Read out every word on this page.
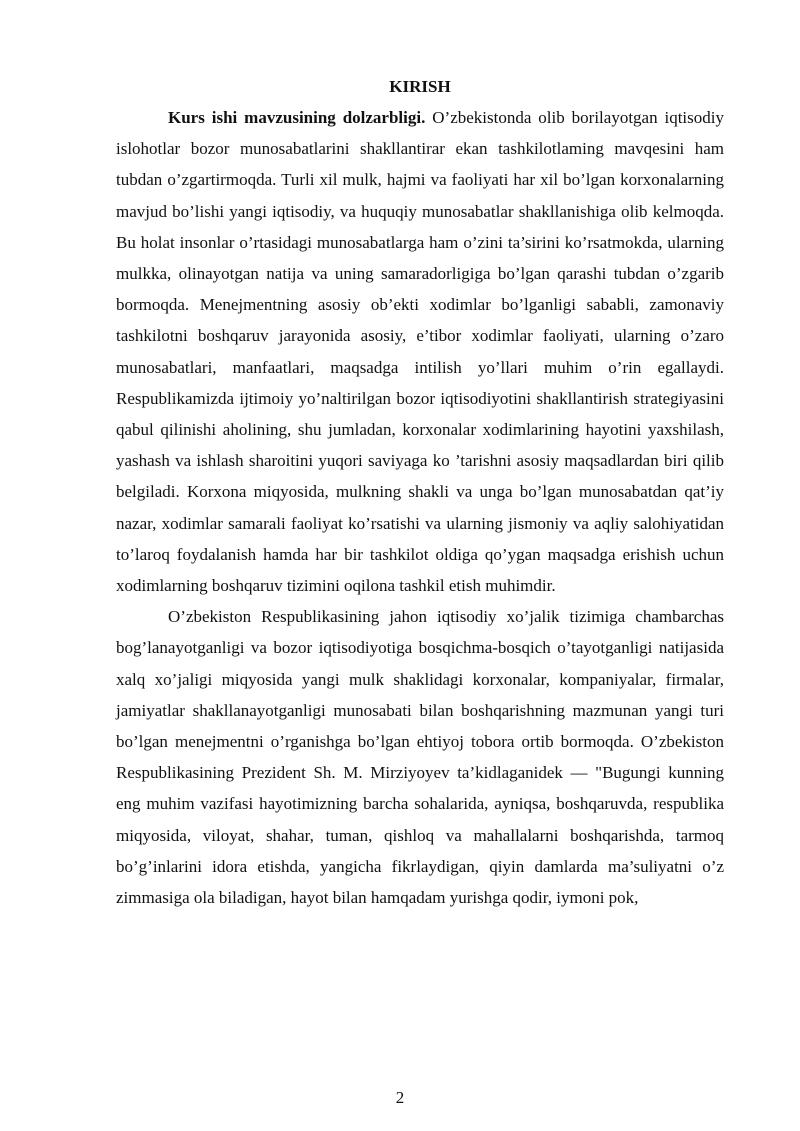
KIRISH

Kurs ishi mavzusining dolzarbligi. O’zbekistonda olib borilayotgan iqtisodiy islohotlar bozor munosabatlarini shakllantirar ekan tashkilotlaming mavqesini ham tubdan o’zgartirmoqda. Turli xil mulk, hajmi va faoliyati har xil bo’lgan korxonalarning mavjud bo’lishi yangi iqtisodiy, va huquqiy munosabatlar shakllanishiga olib kelmoqda. Bu holat insonlar o’rtasidagi munosabatlarga ham o’zini ta’sirini ko’rsatmokda, ularning mulkka, olinayotgan natija va uning samaradorligiga bo’lgan qarashi tubdan o’zgarib bormoqda. Menejmentning asosiy ob’ekti xodimlar bo’lganligi sababli, zamonaviy tashkilotni boshqaruv jarayonida asosiy, e’tibor xodimlar faoliyati, ularning o’zaro munosabatlari, manfaatlari, maqsadga intilish yo’llari muhim o’rin egallaydi. Respublikamizda ijtimoiy yo’naltirilgan bozor iqtisodiyotini shakllantirish strategiyasini qabul qilinishi aholining, shu jumladan, korxonalar xodimlarining hayotini yaxshilash, yashash va ishlash sharoitini yuqori saviyaga ko ’tarishni asosiy maqsadlardan biri qilib belgiladi. Korxona miqyosida, mulkning shakli va unga bo’lgan munosabatdan qat’iy nazar, xodimlar samarali faoliyat ko’rsatishi va ularning jismoniy va aqliy salohiyatidan to’laroq foydalanish hamda har bir tashkilot oldiga qo’ygan maqsadga erishish uchun xodimlarning boshqaruv tizimini oqilona tashkil etish muhimdir.

O’zbekiston Respublikasining jahon iqtisodiy xo’jalik tizimiga chambarchas bog’lanayotganligi va bozor iqtisodiyotiga bosqichma-bosqich o’tayotganligi natijasida xalq xo’jaligi miqyosida yangi mulk shaklidagi korxonalar, kompaniyalar, firmalar, jamiyatlar shakllanayotganligi munosabati bilan boshqarishning mazmunan yangi turi bo’lgan menejmentni o’rganishga bo’lgan ehtiyoj tobora ortib bormoqda. O’zbekiston Respublikasining Prezident Sh. M. Mirziyoyev ta’kidlaganidek — "Bugungi kunning eng muhim vazifasi hayotimizning barcha sohalarida, ayniqsa, boshqaruvda, respublika miqyosida, viloyat, shahar, tuman, qishloq va mahallalarni boshqarishda, tarmoq bo’g’inlarini idora etishda, yangicha fikrlaydigan, qiyin damlarda ma’suliyatni o’z zimmasiga ola biladigan, hayot bilan hamqadam yurishga qodir, iymoni pok,

2
